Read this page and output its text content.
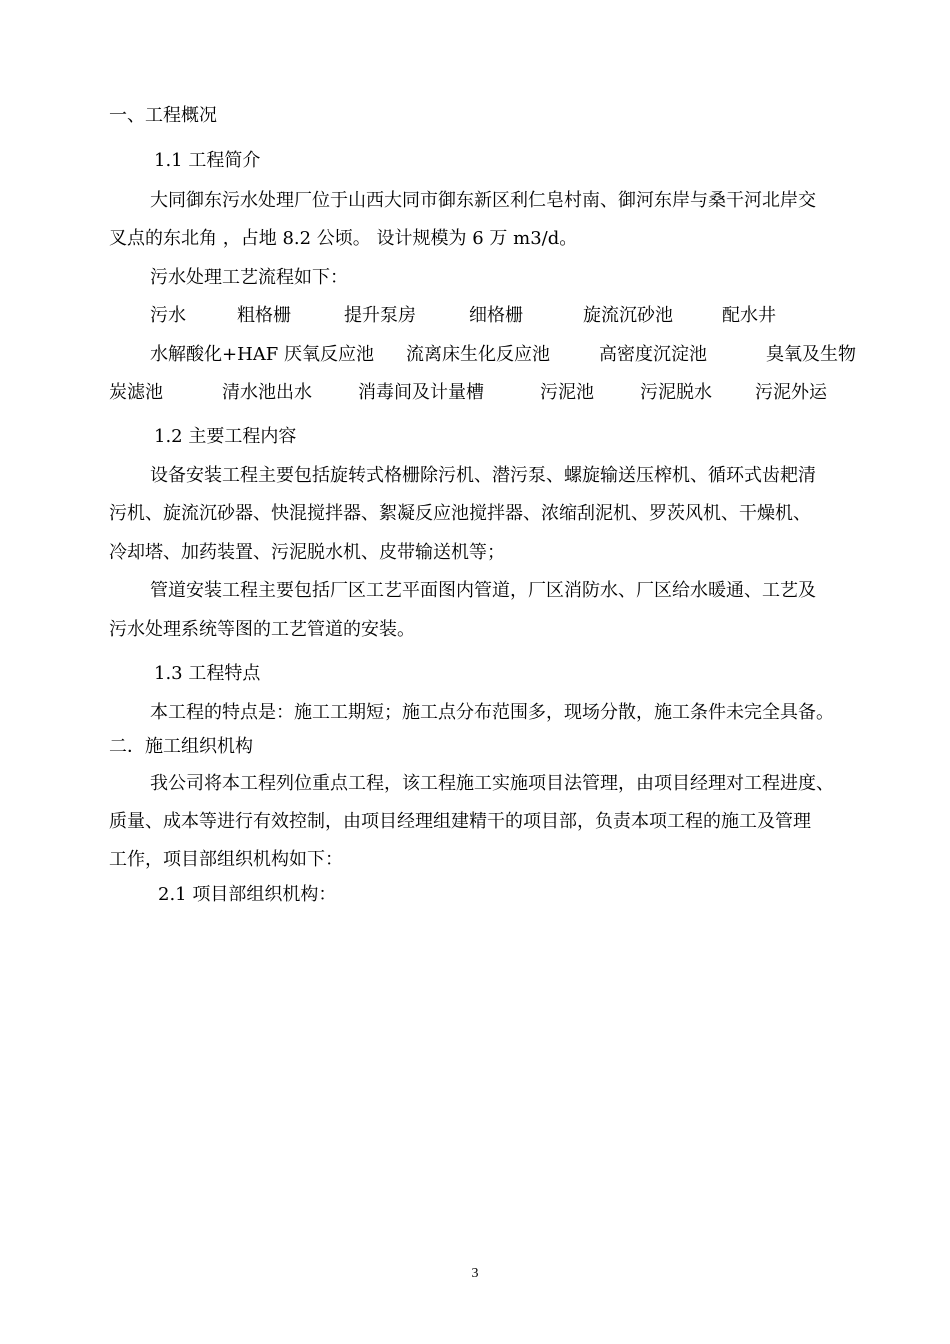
一、工程概况
1.1 工程简介
大同御东污水处理厂位于山西大同市御东新区利仁皂村南、御河东岸与桑干河北岸交
叉点的东北角 ，占地 8.2 公顷。 设计规模为 6 万 m3/d。
污水处理工艺流程如下：
污水	粗格栅	提升泵房	细格栅	旋流沉砂池	配水井
水解酸化+HAF 厌氧反应池 流离床生化反应池	高密度沉淀池	臭氧及生物
炭滤池	清水池出水	消毒间及计量槽	污泥池	污泥脱水 污泥外运
1.2 主要工程内容
设备安装工程主要包括旋转式格栅除污机、潜污泵、螺旋输送压榨机、循环式齿耙清
污机、旋流沉砂器、快混搅拌器、絮凝反应池搅拌器、浓缩刮泥机、罗茨风机、干燥机、
冷却塔、加药装置、污泥脱水机、皮带输送机等；
管道安装工程主要包括厂区工艺平面图内管道，厂区消防水、厂区给水暖通、工艺及
污水处理系统等图的工艺管道的安装。
1.3 工程特点
本工程的特点是：施工工期短；施工点分布范围多，现场分散，施工条件未完全具备。
二．施工组织机构
我公司将本工程列位重点工程，该工程施工实施项目法管理，由项目经理对工程进度、
质量、成本等进行有效控制，由项目经理组建精干的项目部，负责本项工程的施工及管理
工作，项目部组织机构如下：
2.1 项目部组织机构：
3
